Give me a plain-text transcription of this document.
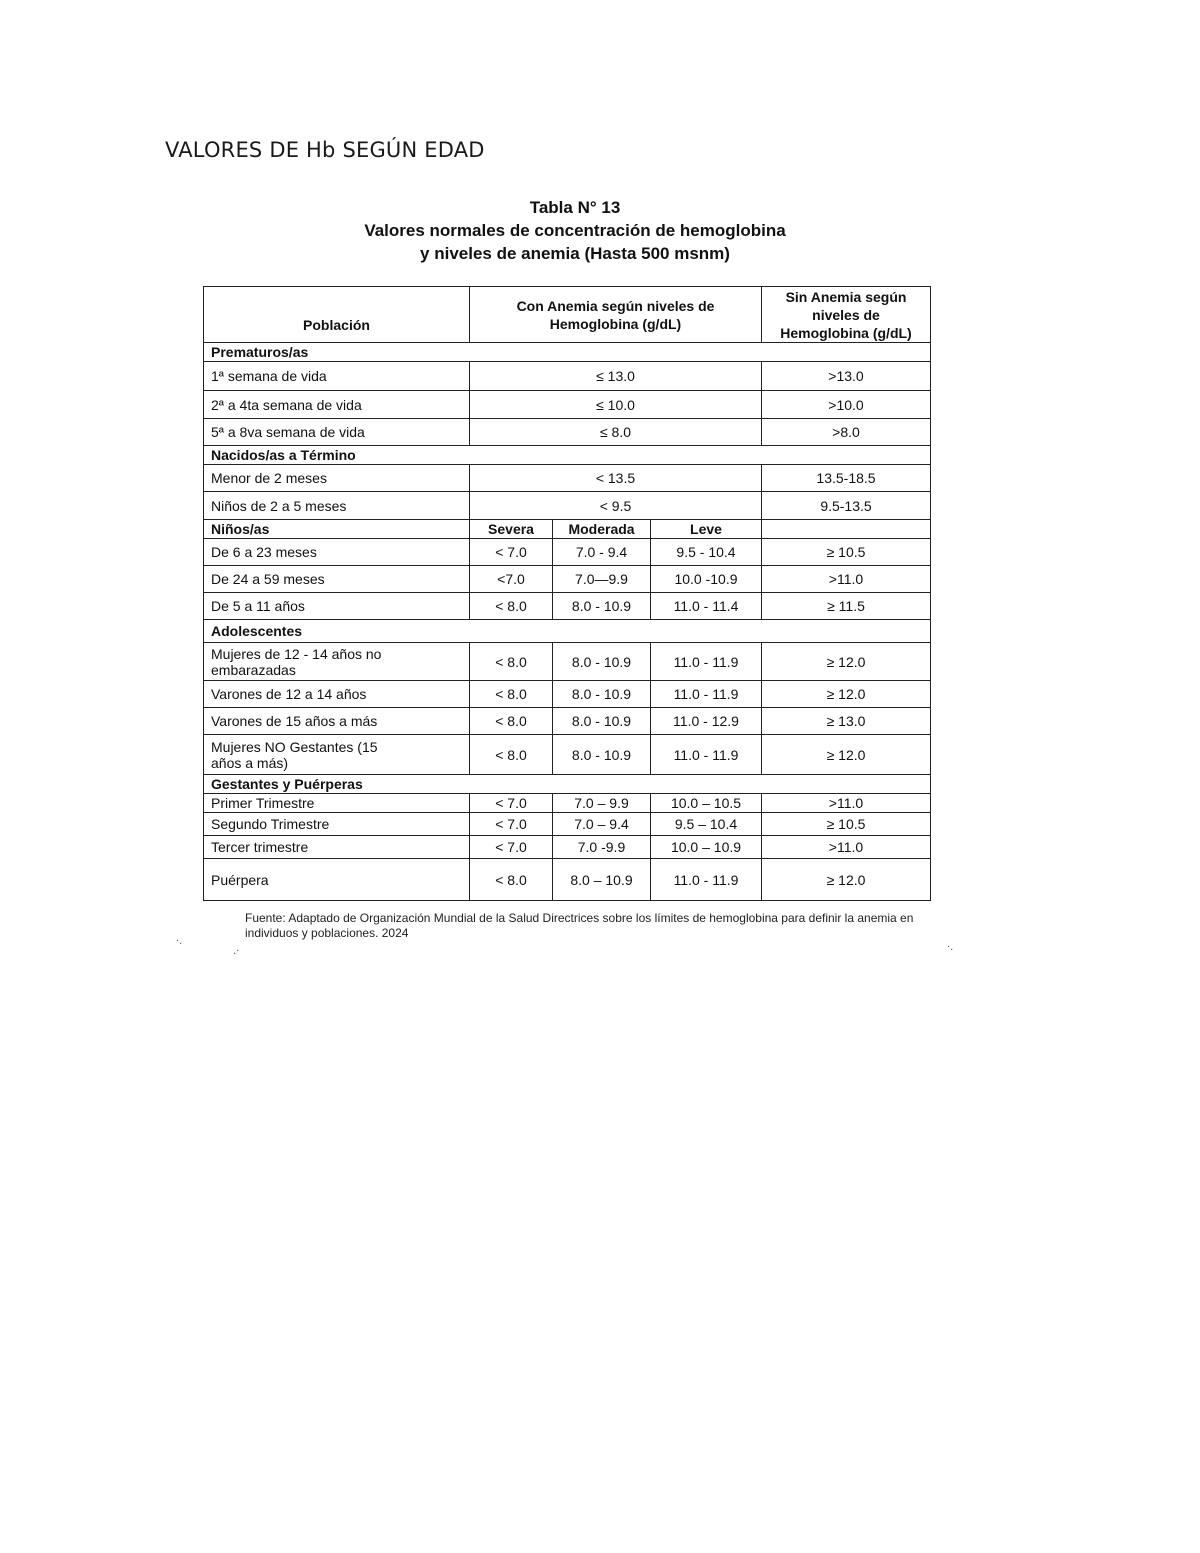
VALORES DE Hb SEGÚN EDAD
Tabla N° 13
Valores normales de concentración de hemoglobina
y niveles de anemia (Hasta 500 msnm)
Población	Con Anemia según niveles de Hemoglobina (g/dL)			Sin Anemia según niveles de Hemoglobina (g/dL)
Prematuros/as				
1ª semana de vida	≤ 13.0			>13.0
2ª a 4ta semana de vida	≤ 10.0			>10.0
5ª a 8va semana de vida	≤ 8.0			>8.0
Nacidos/as a Término				
Menor de 2 meses	< 13.5			13.5-18.5
Niños de 2 a 5 meses	< 9.5			9.5-13.5
Niños/as	Severa	Moderada	Leve	
De 6 a 23 meses	< 7.0	7.0 - 9.4	9.5 - 10.4	≥ 10.5
De 24 a 59 meses	<7.0	7.0—9.9	10.0 -10.9	>11.0
De 5 a 11 años	< 8.0	8.0 - 10.9	11.0 - 11.4	≥ 11.5
Adolescentes				
Mujeres de 12 - 14 años no embarazadas	< 8.0	8.0 - 10.9	11.0 - 11.9	≥ 12.0
Varones de 12 a 14 años	< 8.0	8.0 - 10.9	11.0 - 11.9	≥ 12.0
Varones de 15 años a más	< 8.0	8.0 - 10.9	11.0 - 12.9	≥ 13.0
Mujeres NO Gestantes (15 años a más)	< 8.0	8.0 - 10.9	11.0 - 11.9	≥ 12.0
Gestantes y Puérperas				
Primer Trimestre	< 7.0	7.0 – 9.9	10.0 – 10.5	>11.0
Segundo Trimestre	< 7.0	7.0 – 9.4	9.5 – 10.4	≥ 10.5
Tercer trimestre	< 7.0	7.0 -9.9	10.0 – 10.9	>11.0
Puérpera	< 8.0	8.0 – 10.9	11.0 - 11.9	≥ 12.0
Fuente: Adaptado de Organización Mundial de la Salud Directrices sobre los límites de hemoglobina para definir la anemia en individuos y poblaciones. 2024
·.
.·	·.
